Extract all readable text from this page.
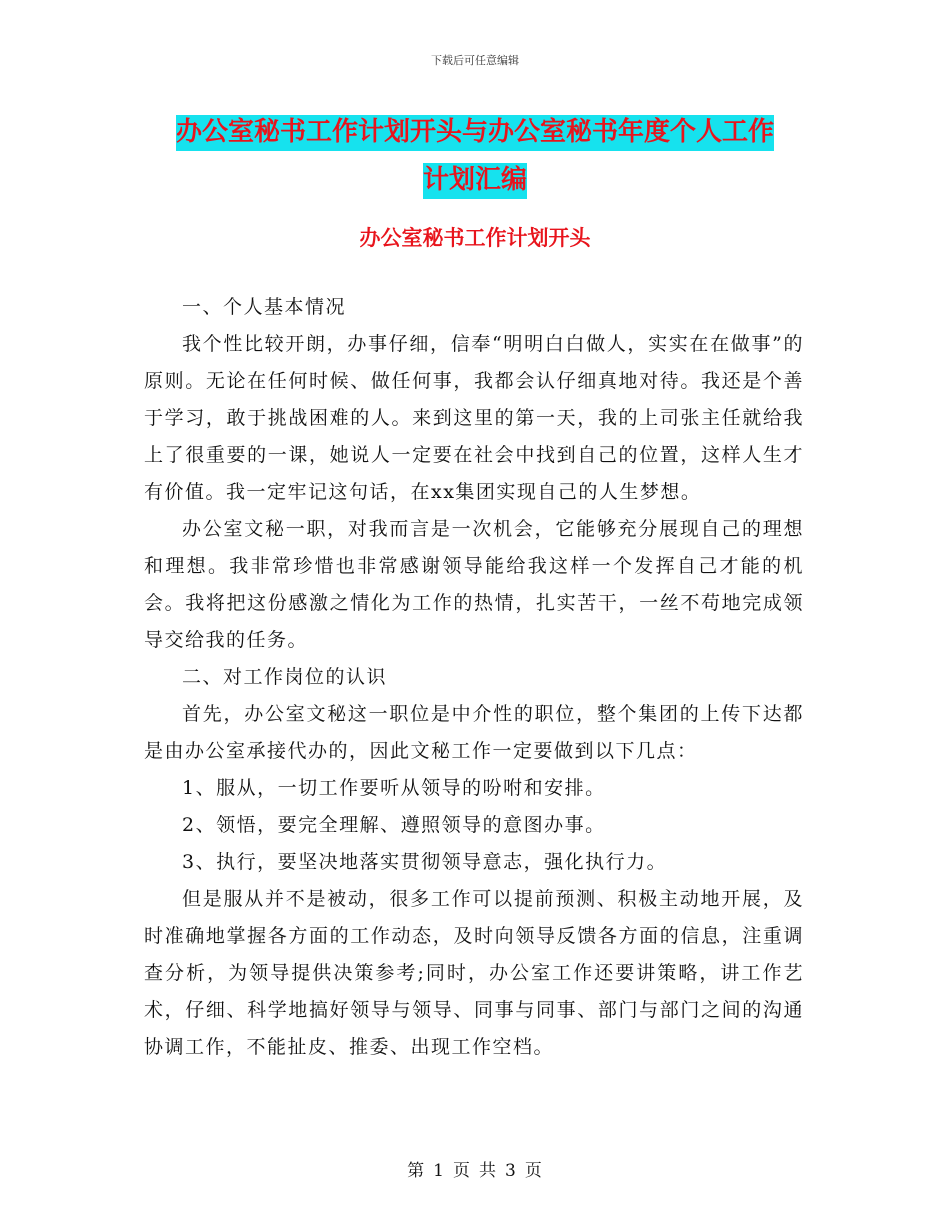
下载后可任意编辑
办公室秘书工作计划开头与办公室秘书年度个人工作
计划汇编
办公室秘书工作计划开头

一、个人基本情况

我个性比较开朗，办事仔细，信奉“明明白白做人，实实在在做事”的原则。无论在任何时候、做任何事，我都会认仔细真地对待。我还是个善于学习，敢于挑战困难的人。来到这里的第一天，我的上司张主任就给我上了很重要的一课，她说人一定要在社会中找到自己的位置，这样人生才有价值。我一定牢记这句话，在xx集团实现自己的人生梦想。

办公室文秘一职，对我而言是一次机会，它能够充分展现自己的理想和理想。我非常珍惜也非常感谢领导能给我这样一个发挥自己才能的机会。我将把这份感激之情化为工作的热情，扎实苦干，一丝不苟地完成领导交给我的任务。

二、对工作岗位的认识

首先，办公室文秘这一职位是中介性的职位，整个集团的上传下达都是由办公室承接代办的，因此文秘工作一定要做到以下几点：

1、服从，一切工作要听从领导的吩咐和安排。

2、领悟，要完全理解、遵照领导的意图办事。

3、执行，要坚决地落实贯彻领导意志，强化执行力。

但是服从并不是被动，很多工作可以提前预测、积极主动地开展，及时准确地掌握各方面的工作动态，及时向领导反馈各方面的信息，注重调查分析，为领导提供决策参考;同时，办公室工作还要讲策略，讲工作艺术，仔细、科学地搞好领导与领导、同事与同事、部门与部门之间的沟通协调工作，不能扯皮、推委、出现工作空档。

第 1 页 共 3 页
